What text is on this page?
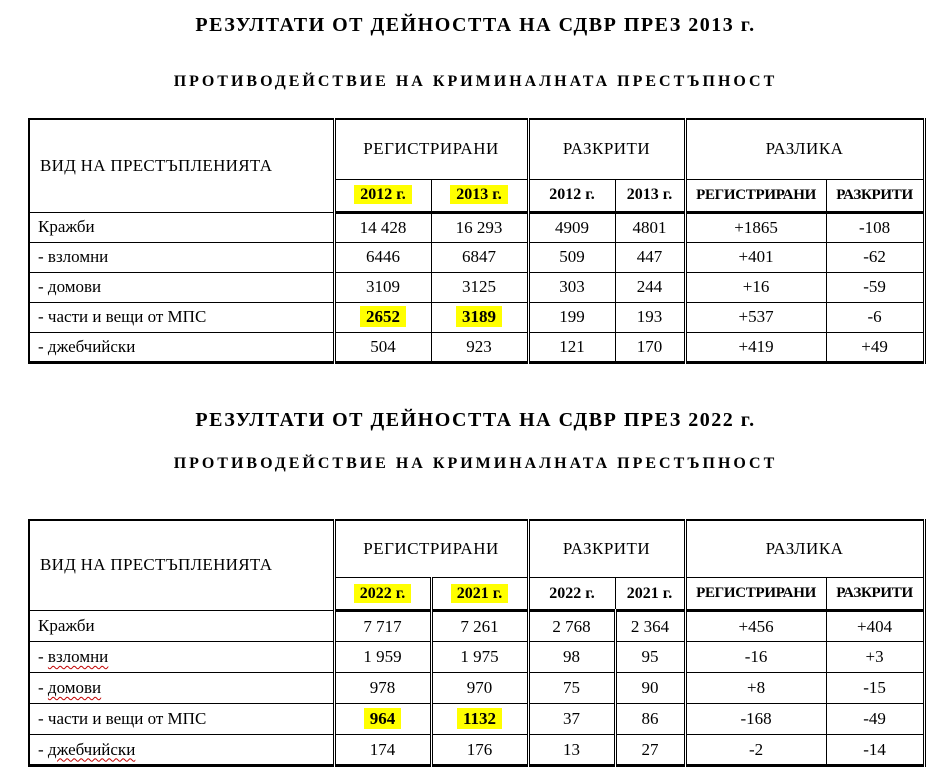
РЕЗУЛТАТИ ОТ ДЕЙНОСТТА НА СДВР ПРЕЗ 2013 г.
ПРОТИВОДЕЙСТВИЕ НА КРИМИНАЛНАТА ПРЕСТЪПНОСТ
ВИД НА ПРЕСТЪПЛЕНИЯТА	РЕГИСТРИРАНИ		РАЗКРИТИ		РАЗЛИКА	
	2012 г.	2013 г.	2012 г.	2013 г.	РЕГИСТРИРАНИ	РАЗКРИТИ
Кражби	14 428	16 293	4909	4801	+1865	-108
- взломни	6446	6847	509	447	+401	-62
- домови	3109	3125	303	244	+16	-59
- части и вещи от МПС	2652	3189	199	193	+537	-6
- джебчийски	504	923	121	170	+419	+49
РЕЗУЛТАТИ ОТ ДЕЙНОСТТА НА СДВР ПРЕЗ 2022 г.
ПРОТИВОДЕЙСТВИЕ НА КРИМИНАЛНАТА ПРЕСТЪПНОСТ
ВИД НА ПРЕСТЪПЛЕНИЯТА	РЕГИСТРИРАНИ		РАЗКРИТИ		РАЗЛИКА	
	2022 г.	2021 г.	2022 г.	2021 г.	РЕГИСТРИРАНИ	РАЗКРИТИ
Кражби	7 717	7 261	2 768	2 364	+456	+404
- взломни	1 959	1 975	98	95	-16	+3
- домови	978	970	75	90	+8	-15
- части и вещи от МПС	964	1132	37	86	-168	-49
- джебчийски	174	176	13	27	-2	-14
